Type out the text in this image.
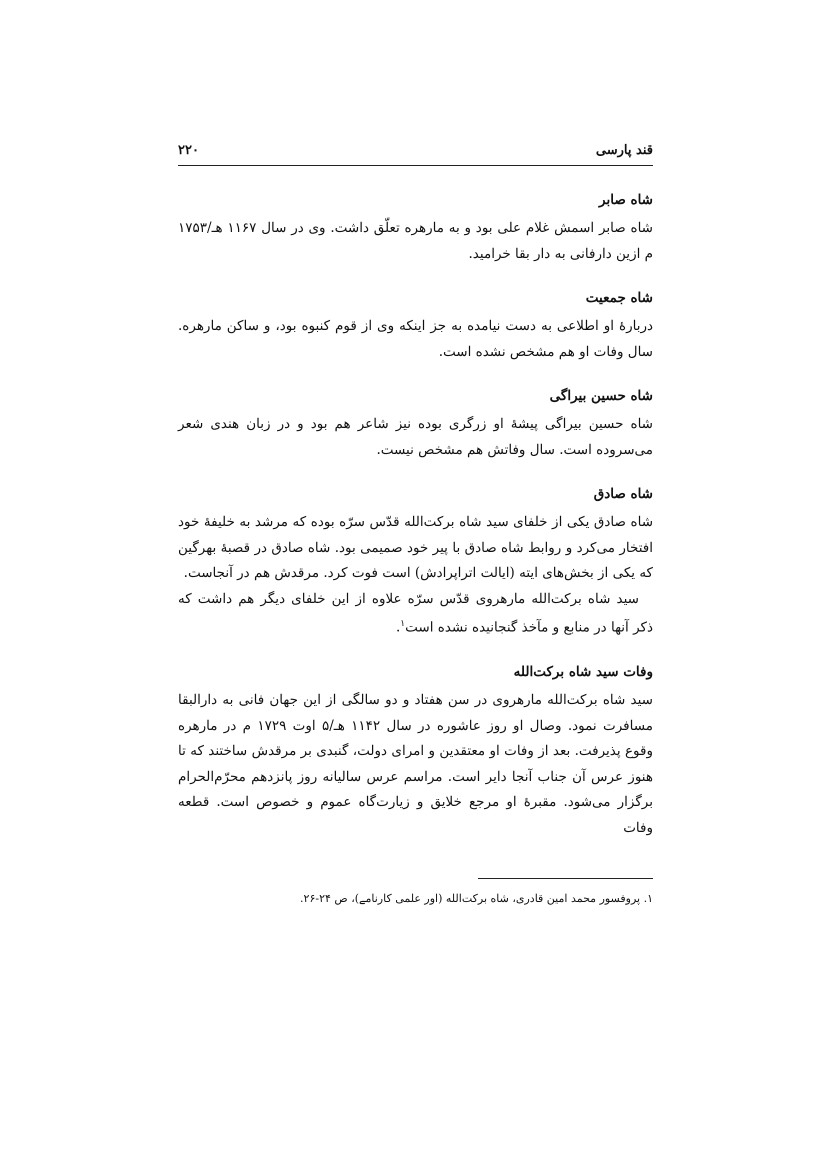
قند پارسی
۲۲۰
شاه صابر

شاه صابر اسمش غلام علی بود و به مارهره تعلّق داشت. وی در سال ۱۱۶۷ هـ/۱۷۵۳ م ازین دارفانی به دار بقا خرامید.

شاه جمعیت

دربارهٔ او اطلاعی به دست نیامده به جز اینکه وی از قوم کنبوه بود، و ساکن مارهره. سال وفات او هم مشخص نشده است.

شاه حسین بیراگی

شاه حسین بیراگی پیشهٔ او زرگری بوده نیز شاعر هم بود و در زبان هندی شعر می‌سروده است. سال وفاتش هم مشخص نیست.

شاه صادق

شاه صادق یکی از خلفای سید شاه برکت‌الله قدّس سرّه بوده که مرشد به خلیفهٔ خود افتخار می‌کرد و روابط شاه صادق با پیر خود صمیمی بود. شاه صادق در قصبهٔ بهرگین که یکی از بخش‌های ایته (ایالت اتراپرادش) است فوت کرد. مرقدش هم در آنجاست.

سید شاه برکت‌الله مارهروی قدّس سرّه علاوه از این خلفای دیگر هم داشت که ذکر آنها در منابع و مآخذ گنجانیده نشده است$^۱$.

وفات سید شاه برکت‌الله

سید شاه برکت‌الله مارهروی در سن هفتاد و دو سالگی از این جهان فانی به دارالبقا مسافرت نمود. وصال او روز عاشوره در سال ۱۱۴۲ هـ/۵ اوت ۱۷۲۹ م در مارهره وقوع پذیرفت. بعد از وفات او معتقدین و امرای دولت، گنبدی بر مرقدش ساختند که تا هنوز عرس آن جناب آنجا دایر است. مراسم عرس سالیانه روز پانزدهم محرّم‌الحرام برگزار می‌شود. مقبرهٔ او مرجع خلایق و زیارت‌گاه عموم و خصوص است. قطعه وفات

۱. پروفسور محمد امین قادری، شاه برکت‌الله (اور علمی کارنامے)، ص ۲۴-۲۶.
